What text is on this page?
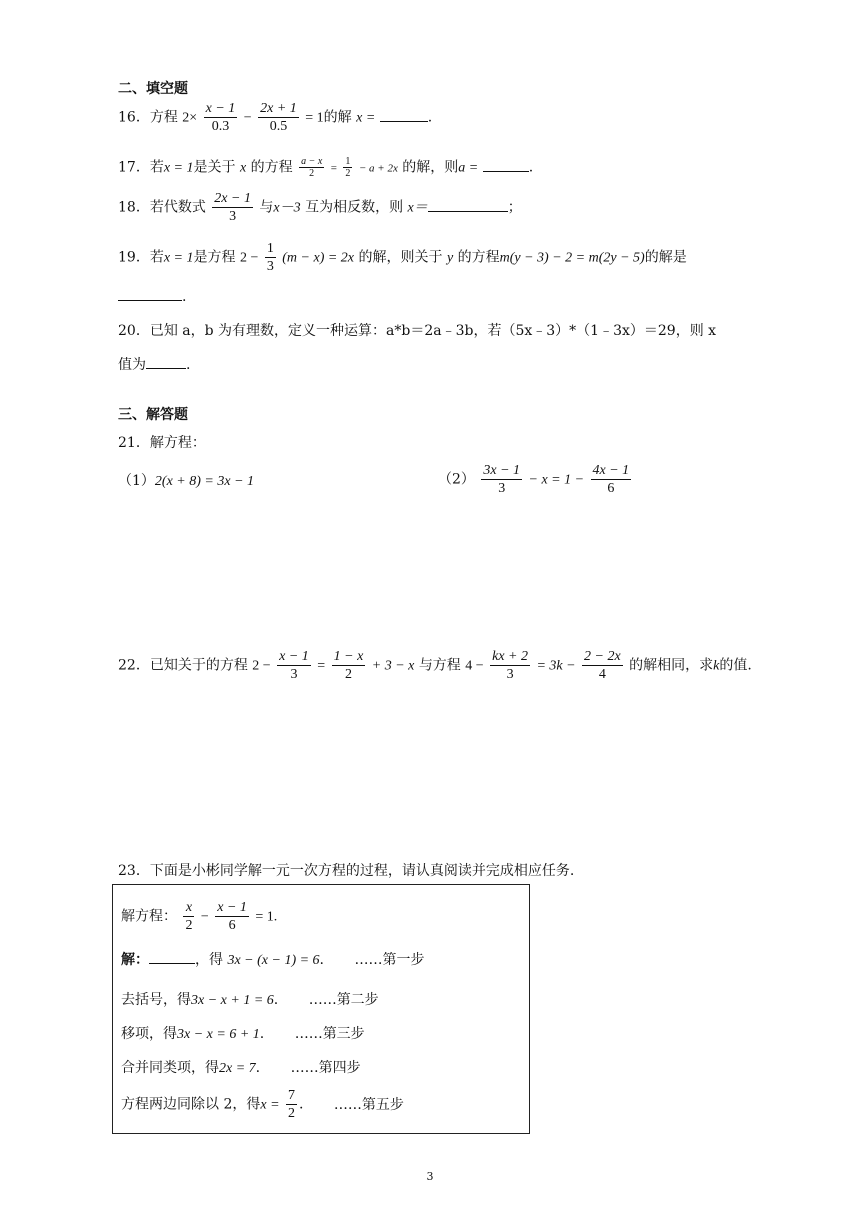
二、填空题
16．方程 $2\times \frac{x - 1}{0.3} - \frac{2x + 1}{0.5} = 1$的解 x =	.
17．若x = 1是关于 x 的方程 $\frac{a - x}{2} = \frac{1}{2} - a + 2x$ 的解，则a =	.
18．若代数式 $\frac{2x - 1}{3}$ 与x－3 互为相反数，则 x＝	；
19．若x = 1是方程 $2 - \frac{1}{3} (m - x) = 2x$ 的解，则关于 y 的方程m(y − 3) − 2 = m(2y − 5)的解是
.
20．已知 a，b 为有理数，定义一种运算：a*b＝2a﹣3b，若（5x﹣3）*（1﹣3x）＝29，则 x
值为	.
三、解答题
21．解方程：
（1）2(x + 8) = 3x − 1	$(2) \frac{3x - 1}{3} - x = 1 - \frac{4x - 1}{6}$
22．已知关于的方程 $2 - \frac{x - 1}{3} = \frac{1 - x}{2} + 3 - x$ 与方程 $4 - \frac{kx + 2}{3} = 3k - \frac{2 - 2x}{4}$ 的解相同，求k的值.
23．下面是小彬同学解一元一次方程的过程，请认真阅读并完成相应任务.
解方程： $\frac{x}{2} - \frac{x - 1}{6} = 1$.
解：	，得 3x − (x − 1) = 6. ……第一步
去括号，得3x − x + 1 = 6. ……第二步
移项，得3x − x = 6 + 1. ……第三步
合并同类项，得2x = 7. ……第四步
方程两边同除以 2，得$x = \frac{7}{2}$ . ……第五步
3
